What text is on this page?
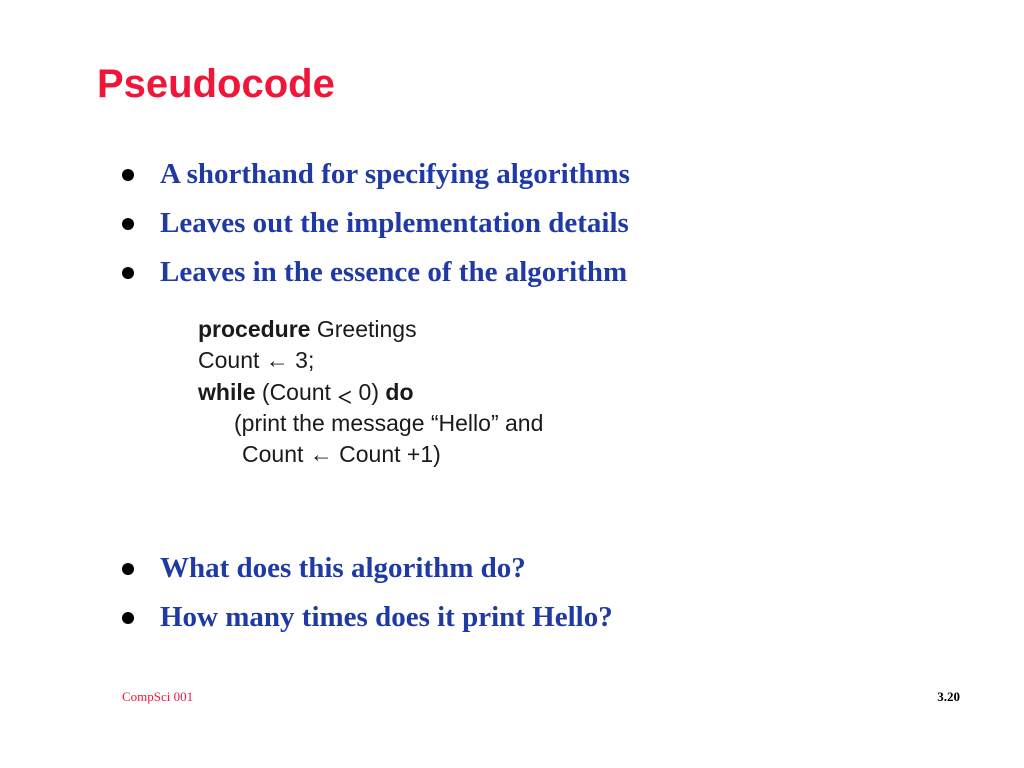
Pseudocode
A shorthand for specifying algorithms
Leaves out the implementation details
Leaves in the essence of the algorithm
procedure Greetings
Count ← 3;
while (Count < 0) do
(print the message “Hello” and
Count ← Count +1)
What does this algorithm do?
How many times does it print Hello?
CompSci 001	3.20
